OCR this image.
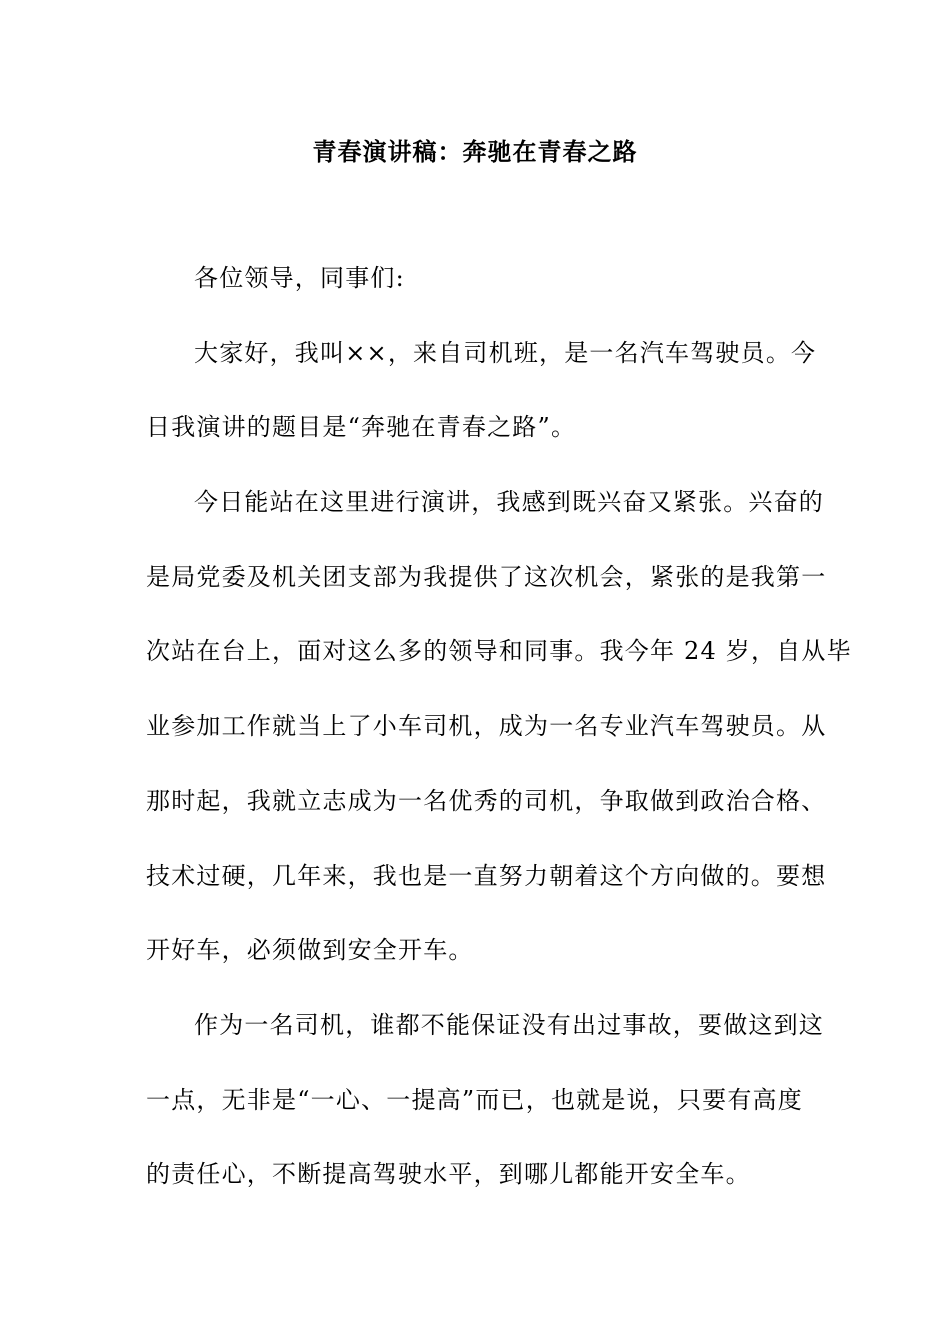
青春演讲稿：奔驰在青春之路
各位领导，同事们:
大家好，我叫××，来自司机班，是一名汽车驾驶员。今
日我演讲的题目是“奔驰在青春之路”。
今日能站在这里进行演讲，我感到既兴奋又紧张。兴奋的
是局党委及机关团支部为我提供了这次机会，紧张的是我第一
次站在台上，面对这么多的领导和同事。我今年 24 岁，自从毕
业参加工作就当上了小车司机，成为一名专业汽车驾驶员。从
那时起，我就立志成为一名优秀的司机，争取做到政治合格、
技术过硬，几年来，我也是一直努力朝着这个方向做的。要想
开好车，必须做到安全开车。
作为一名司机，谁都不能保证没有出过事故，要做这到这
一点，无非是“一心、一提高”而已，也就是说，只要有高度
的责任心，不断提高驾驶水平，到哪儿都能开安全车。
